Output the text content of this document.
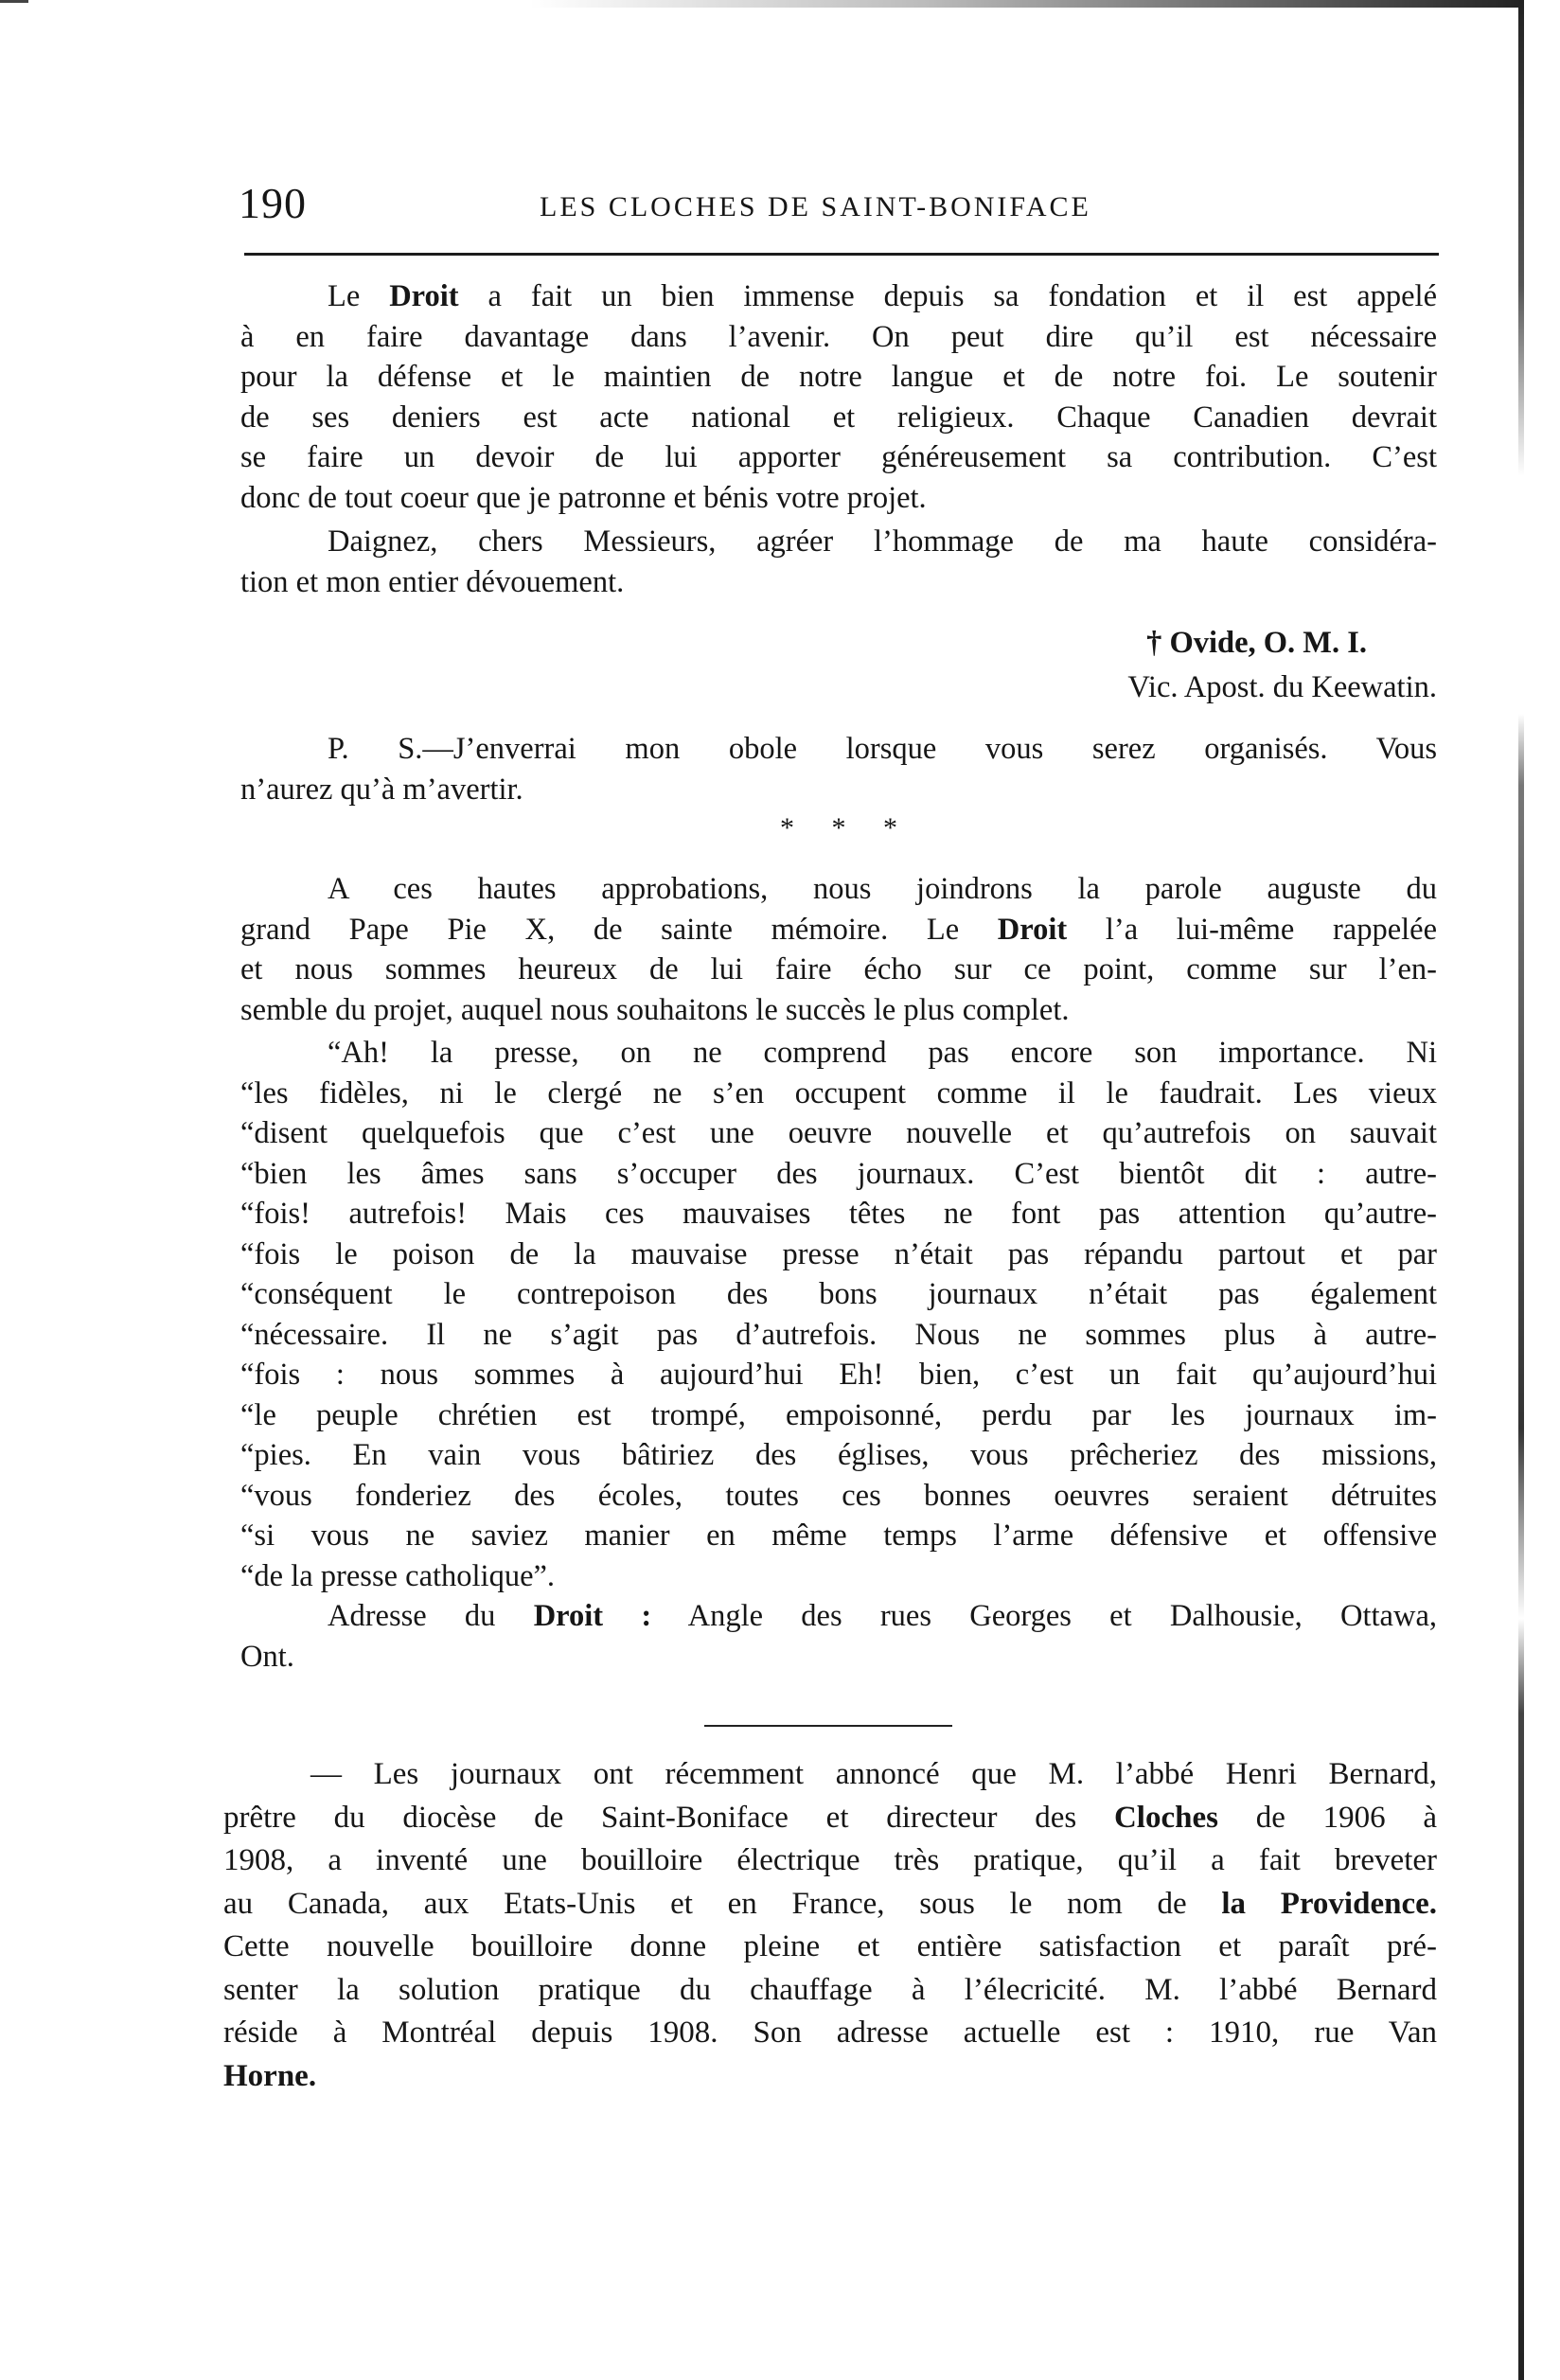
190	LES CLOCHES DE SAINT-BONIFACE
Le Droit a fait un bien immense depuis sa fondation et il est appelé
à en faire davantage dans l’avenir. On peut dire qu’il est nécessaire
pour la défense et le maintien de notre langue et de notre foi. Le soutenir
de ses deniers est acte national et religieux. Chaque Canadien devrait
se faire un devoir de lui apporter généreusement sa contribution. C’est
donc de tout coeur que je patronne et bénis votre projet.
Daignez, chers Messieurs, agréer l’hommage de ma haute considéra-
tion et mon entier dévouement.
† Ovide, O. M. I.
Vic. Apost. du Keewatin.
P. S.—J’enverrai mon obole lorsque vous serez organisés. Vous
n’aurez qu’à m’avertir.
* * *
A ces hautes approbations, nous joindrons la parole auguste du
grand Pape Pie X, de sainte mémoire. Le Droit l’a lui-même rappelée
et nous sommes heureux de lui faire écho sur ce point, comme sur l’en-
semble du projet, auquel nous souhaitons le succès le plus complet.
“Ah! la presse, on ne comprend pas encore son importance. Ni
“les fidèles, ni le clergé ne s’en occupent comme il le faudrait. Les vieux
“disent quelquefois que c’est une oeuvre nouvelle et qu’autrefois on sauvait
“bien les âmes sans s’occuper des journaux. C’est bientôt dit : autre-
“fois! autrefois! Mais ces mauvaises têtes ne font pas attention qu’autre-
“fois le poison de la mauvaise presse n’était pas répandu partout et par
“conséquent le contrepoison des bons journaux n’était pas également
“nécessaire. Il ne s’agit pas d’autrefois. Nous ne sommes plus à autre-
“fois : nous sommes à aujourd’hui Eh! bien, c’est un fait qu’aujourd’hui
“le peuple chrétien est trompé, empoisonné, perdu par les journaux im-
“pies. En vain vous bâtiriez des églises, vous prêcheriez des missions,
“vous fonderiez des écoles, toutes ces bonnes oeuvres seraient détruites
“si vous ne saviez manier en même temps l’arme défensive et offensive
“de la presse catholique”.
Adresse du Droit : Angle des rues Georges et Dalhousie, Ottawa,
Ont.
— Les journaux ont récemment annoncé que M. l’abbé Henri Bernard,
prêtre du diocèse de Saint-Boniface et directeur des Cloches de 1906 à
1908, a inventé une bouilloire électrique très pratique, qu’il a fait breveter
au Canada, aux Etats-Unis et en France, sous le nom de la Providence.
Cette nouvelle bouilloire donne pleine et entière satisfaction et paraît pré-
senter la solution pratique du chauffage à l’élecricité. M. l’abbé Bernard
réside à Montréal depuis 1908. Son adresse actuelle est : 1910, rue Van
Horne.
